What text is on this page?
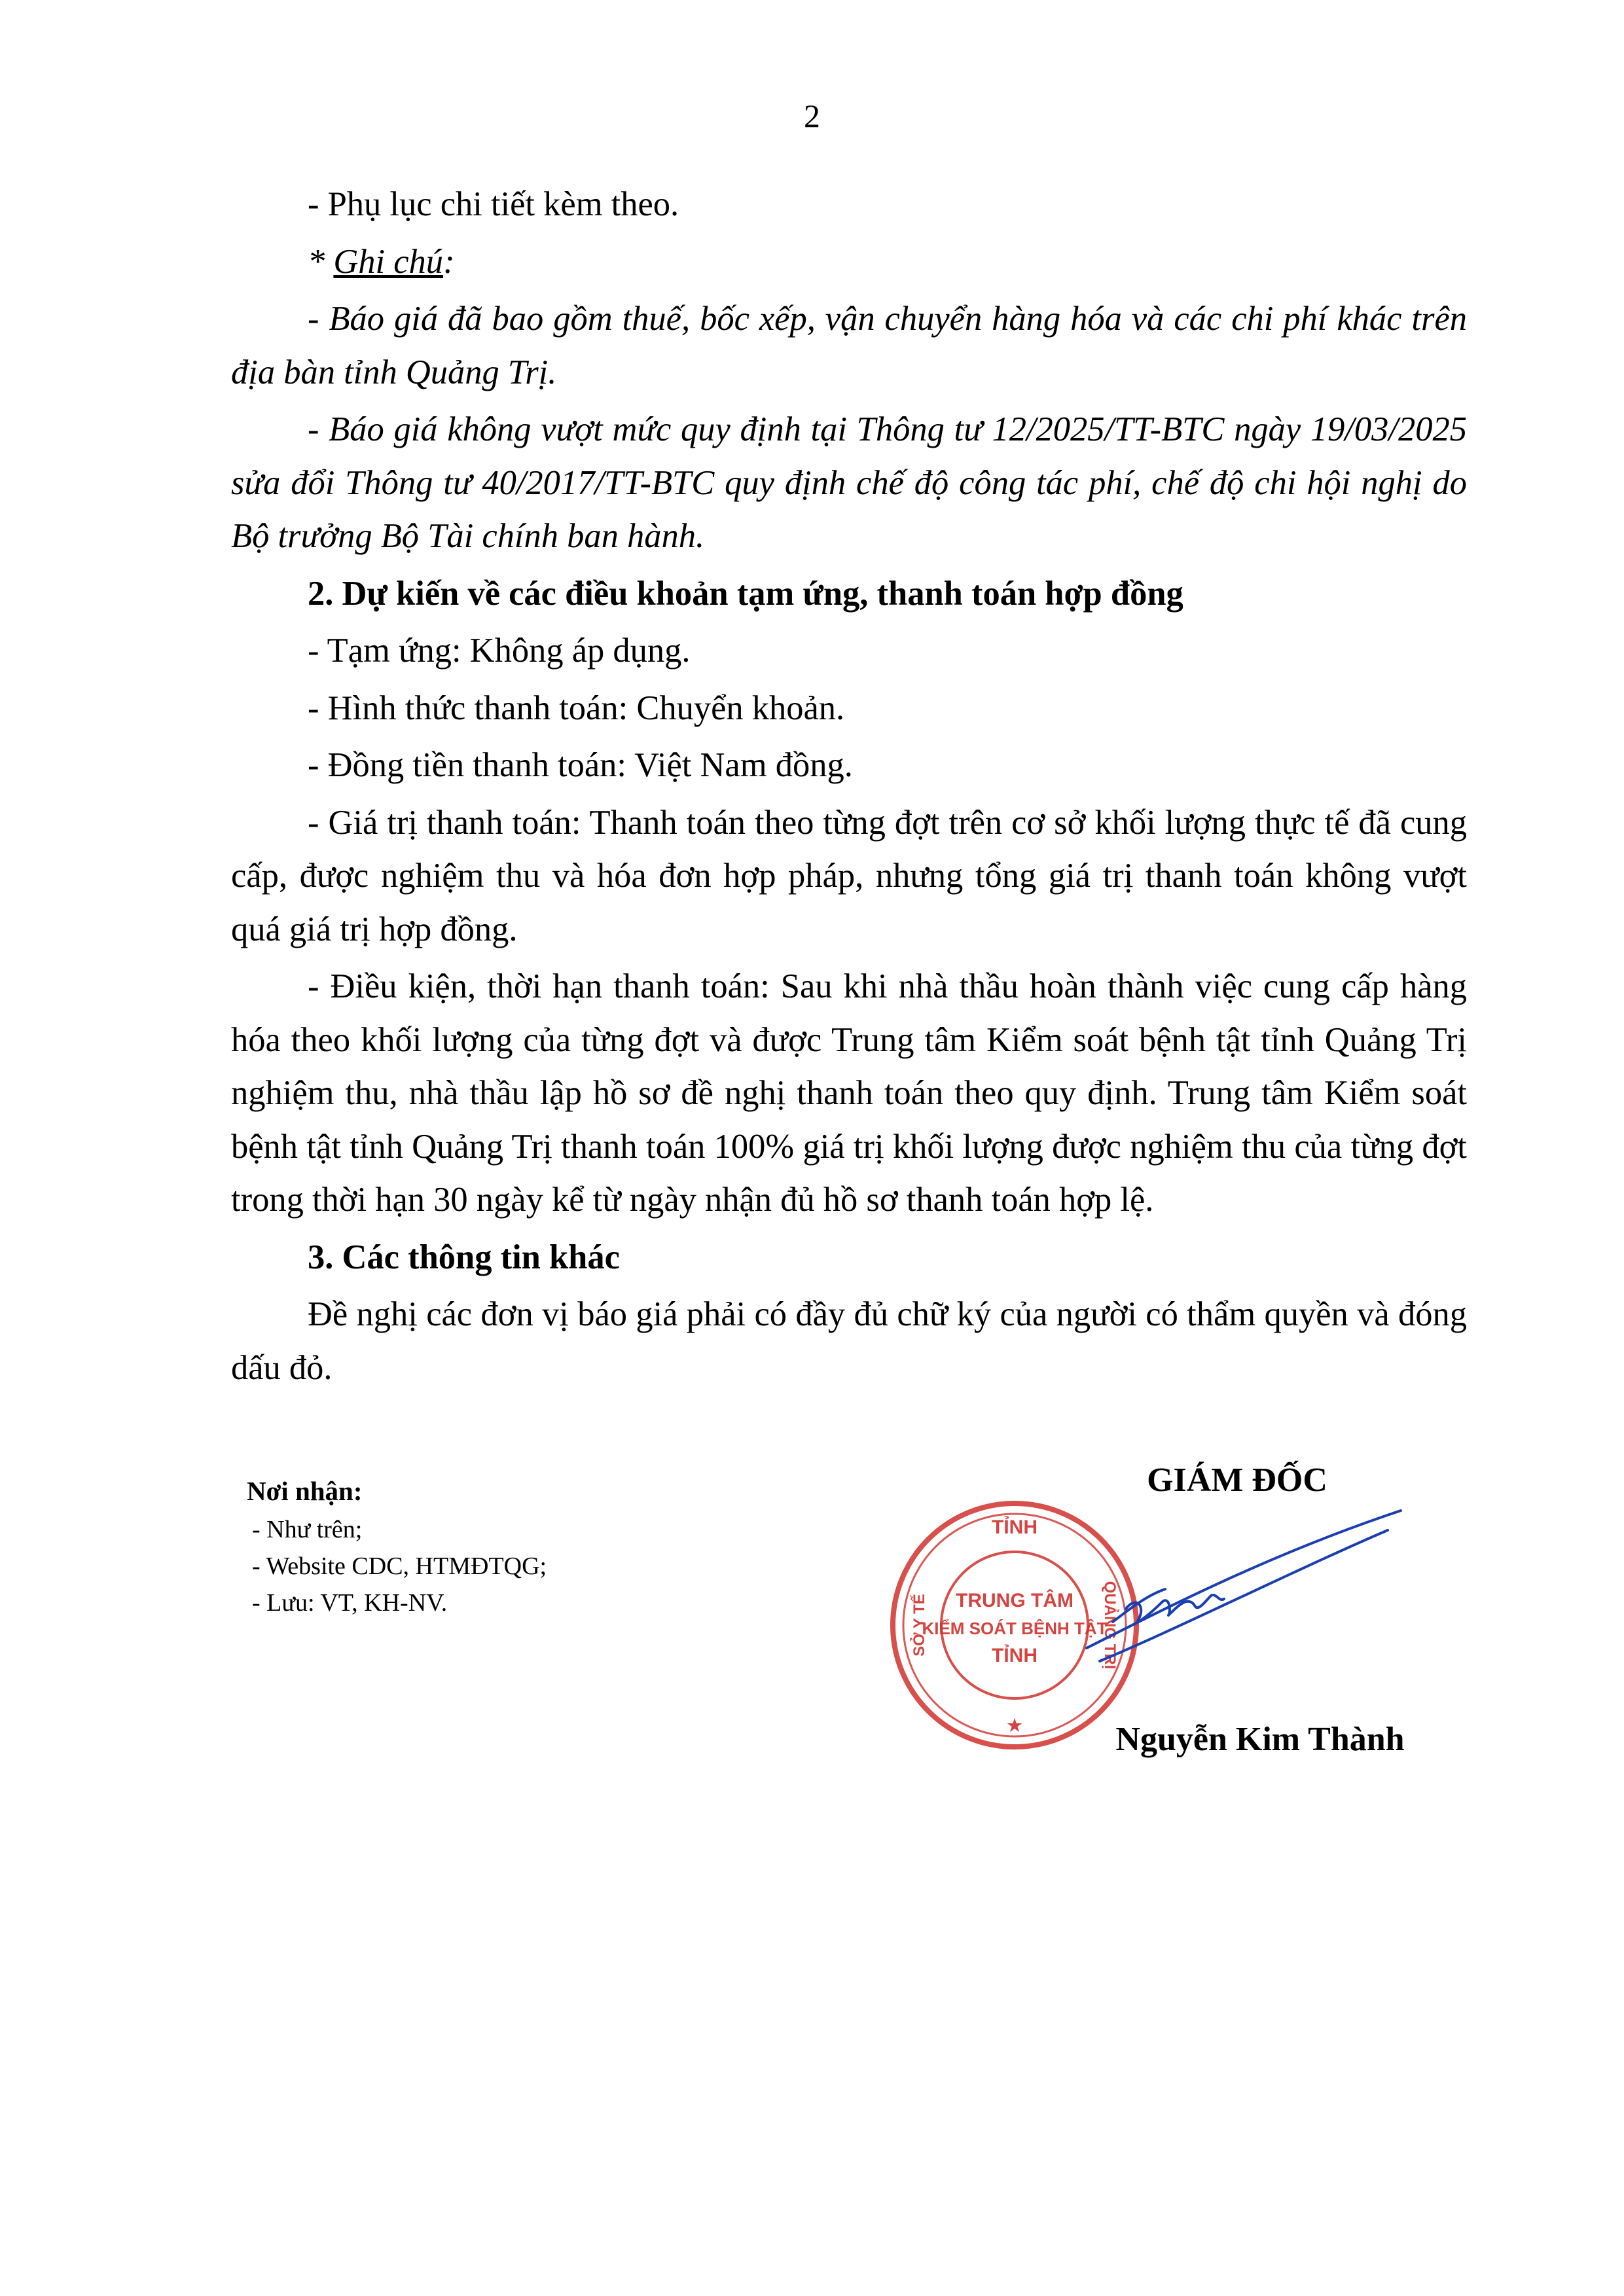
2

- Phụ lục chi tiết kèm theo.

* Ghi chú:

- Báo giá đã bao gồm thuế, bốc xếp, vận chuyển hàng hóa và các chi phí khác trên địa bàn tỉnh Quảng Trị.

- Báo giá không vượt mức quy định tại Thông tư 12/2025/TT-BTC ngày 19/03/2025 sửa đổi Thông tư 40/2017/TT-BTC quy định chế độ công tác phí, chế độ chi hội nghị do Bộ trưởng Bộ Tài chính ban hành.

2. Dự kiến về các điều khoản tạm ứng, thanh toán hợp đồng

- Tạm ứng: Không áp dụng.

- Hình thức thanh toán: Chuyển khoản.

- Đồng tiền thanh toán: Việt Nam đồng.

- Giá trị thanh toán: Thanh toán theo từng đợt trên cơ sở khối lượng thực tế đã cung cấp, được nghiệm thu và hóa đơn hợp pháp, nhưng tổng giá trị thanh toán không vượt quá giá trị hợp đồng.

- Điều kiện, thời hạn thanh toán: Sau khi nhà thầu hoàn thành việc cung cấp hàng hóa theo khối lượng của từng đợt và được Trung tâm Kiểm soát bệnh tật tỉnh Quảng Trị nghiệm thu, nhà thầu lập hồ sơ đề nghị thanh toán theo quy định. Trung tâm Kiểm soát bệnh tật tỉnh Quảng Trị thanh toán 100% giá trị khối lượng được nghiệm thu của từng đợt trong thời hạn 30 ngày kể từ ngày nhận đủ hồ sơ thanh toán hợp lệ.

3. Các thông tin khác

Đề nghị các đơn vị báo giá phải có đầy đủ chữ ký của người có thẩm quyền và đóng dấu đỏ.

Nơi nhận:
- Như trên;
- Website CDC, HTMĐTQG;
- Lưu: VT, KH-NV.
GIÁM ĐỐC
TỈNH
QUẢNG TRỊ
SỞ Y TẾ TRUNG TÂM
KIỂM SOÁT BỆNH TẬT
TỈNH
★	Nguyễn Kim Thành
